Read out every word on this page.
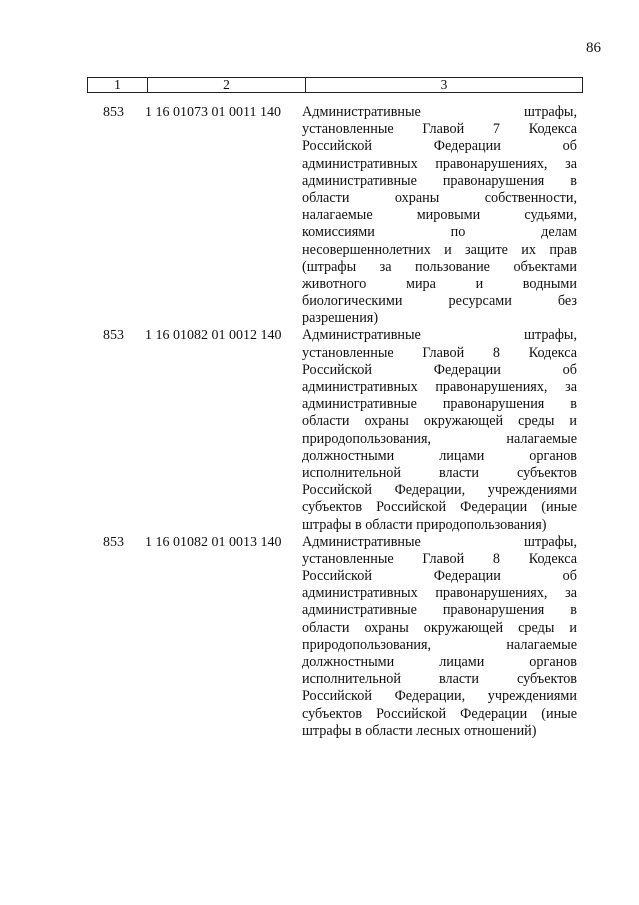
86
1	2	3
853 1 16 01073 01 0011 140 Административные штрафы,
установленные Главой 7 Кодекса
Российской Федерации об
административных правонарушениях, за
административные правонарушения в
области охраны собственности,
налагаемые мировыми судьями,
комиссиями по делам
несовершеннолетних и защите их прав
(штрафы за пользование объектами
животного мира и водными
биологическими ресурсами без
разрешения)
853 1 16 01082 01 0012 140 Административные штрафы,
установленные Главой 8 Кодекса
Российской Федерации об
административных правонарушениях, за
административные правонарушения в
области охраны окружающей среды и
природопользования, налагаемые
должностными лицами органов
исполнительной власти субъектов
Российской Федерации, учреждениями
субъектов Российской Федерации (иные
штрафы в области природопользования)
853 1 16 01082 01 0013 140 Административные штрафы,
установленные Главой 8 Кодекса
Российской Федерации об
административных правонарушениях, за
административные правонарушения в
области охраны окружающей среды и
природопользования, налагаемые
должностными лицами органов
исполнительной власти субъектов
Российской Федерации, учреждениями
субъектов Российской Федерации (иные
штрафы в области лесных отношений)
